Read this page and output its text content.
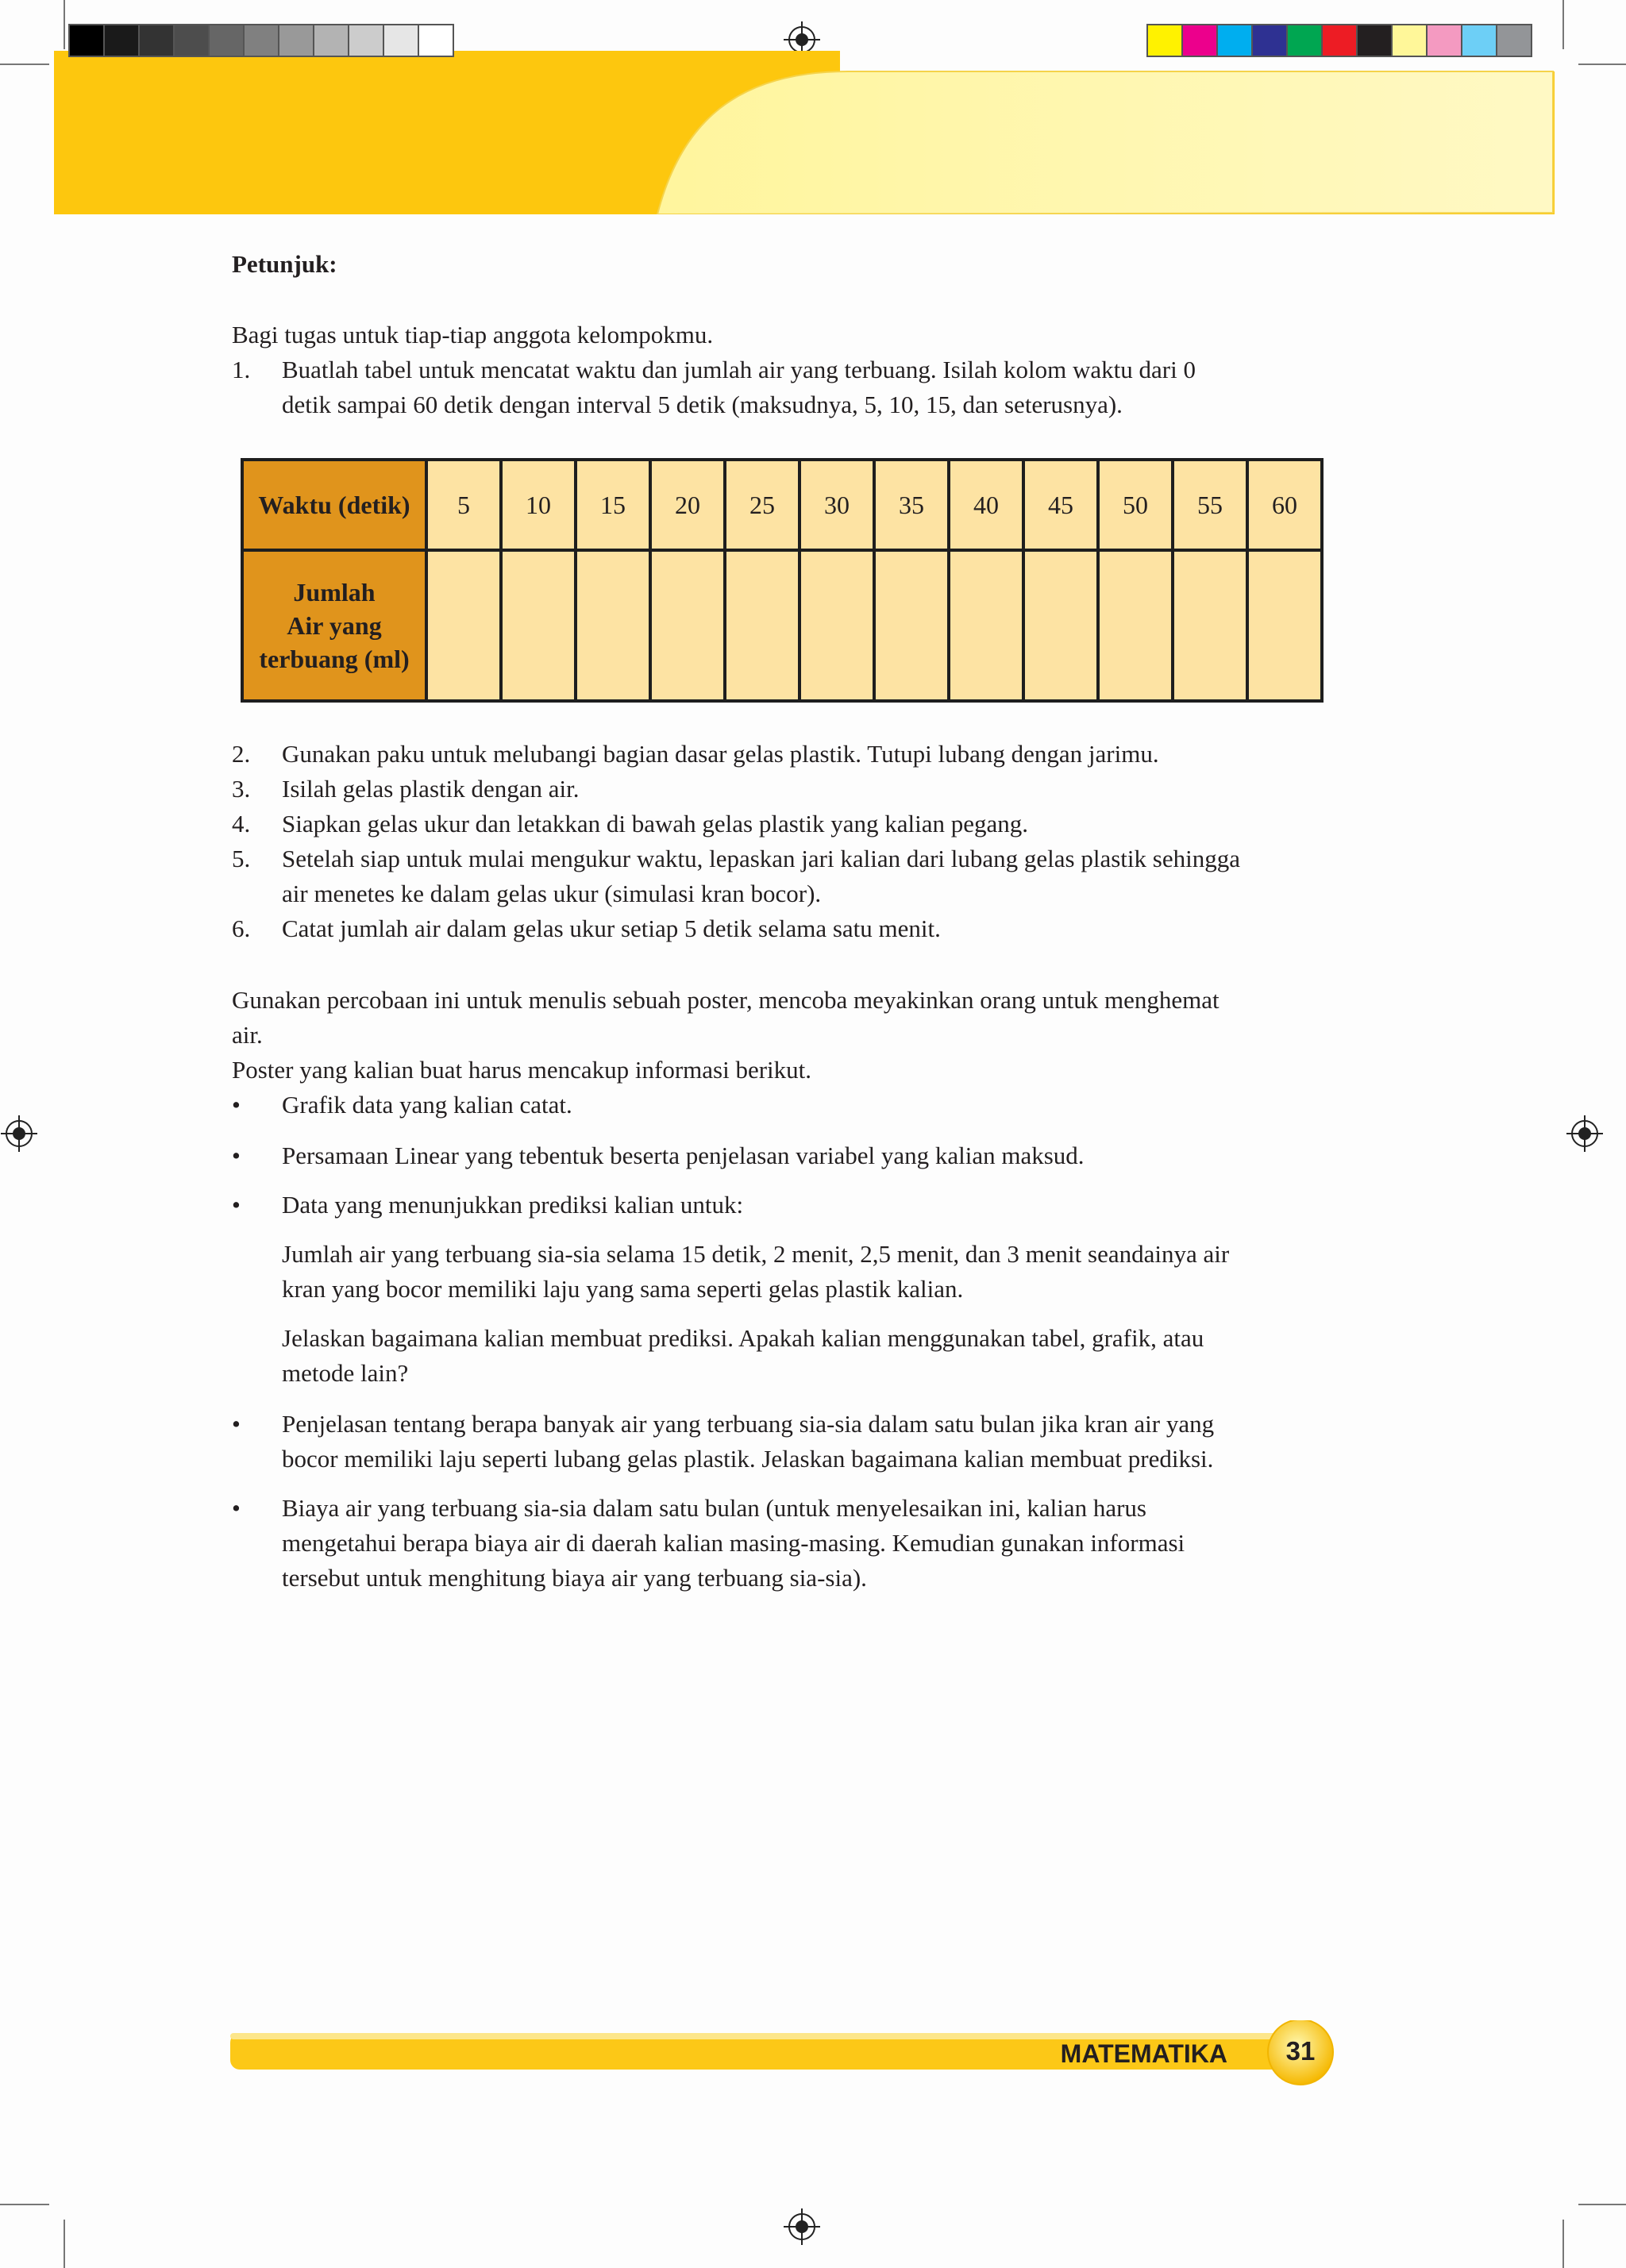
Petunjuk:
Bagi tugas untuk tiap-tiap anggota kelompokmu.
1. Buatlah tabel untuk mencatat waktu dan jumlah air yang terbuang. Isilah kolom waktu dari 0
detik sampai 60 detik dengan interval 5 detik (maksudnya, 5, 10, 15, dan seterusnya).
Waktu (detik)	5	10	15	20	25	30	35	40	45	50	55	60
Jumlah
Air yang
terbuang (ml)												
2. Gunakan paku untuk melubangi bagian dasar gelas plastik. Tutupi lubang dengan jarimu.
3. Isilah gelas plastik dengan air.
4. Siapkan gelas ukur dan letakkan di bawah gelas plastik yang kalian pegang.
5. Setelah siap untuk mulai mengukur waktu, lepaskan jari kalian dari lubang gelas plastik sehingga
air menetes ke dalam gelas ukur (simulasi kran bocor).
6. Catat jumlah air dalam gelas ukur setiap 5 detik selama satu menit.
Gunakan percobaan ini untuk menulis sebuah poster, mencoba meyakinkan orang untuk menghemat
air.
Poster yang kalian buat harus mencakup informasi berikut.
• Grafik data yang kalian catat.
• Persamaan Linear yang tebentuk beserta penjelasan variabel yang kalian maksud.
• Data yang menunjukkan prediksi kalian untuk:
Jumlah air yang terbuang sia-sia selama 15 detik, 2 menit, 2,5 menit, dan 3 menit seandainya air
kran yang bocor memiliki laju yang sama seperti gelas plastik kalian.
Jelaskan bagaimana kalian membuat prediksi. Apakah kalian menggunakan tabel, grafik, atau
metode lain?
• Penjelasan tentang berapa banyak air yang terbuang sia-sia dalam satu bulan jika kran air yang
bocor memiliki laju seperti lubang gelas plastik. Jelaskan bagaimana kalian membuat prediksi.
• Biaya air yang terbuang sia-sia dalam satu bulan (untuk menyelesaikan ini, kalian harus
mengetahui berapa biaya air di daerah kalian masing-masing. Kemudian gunakan informasi
tersebut untuk menghitung biaya air yang terbuang sia-sia).
MATEMATIKA	31
